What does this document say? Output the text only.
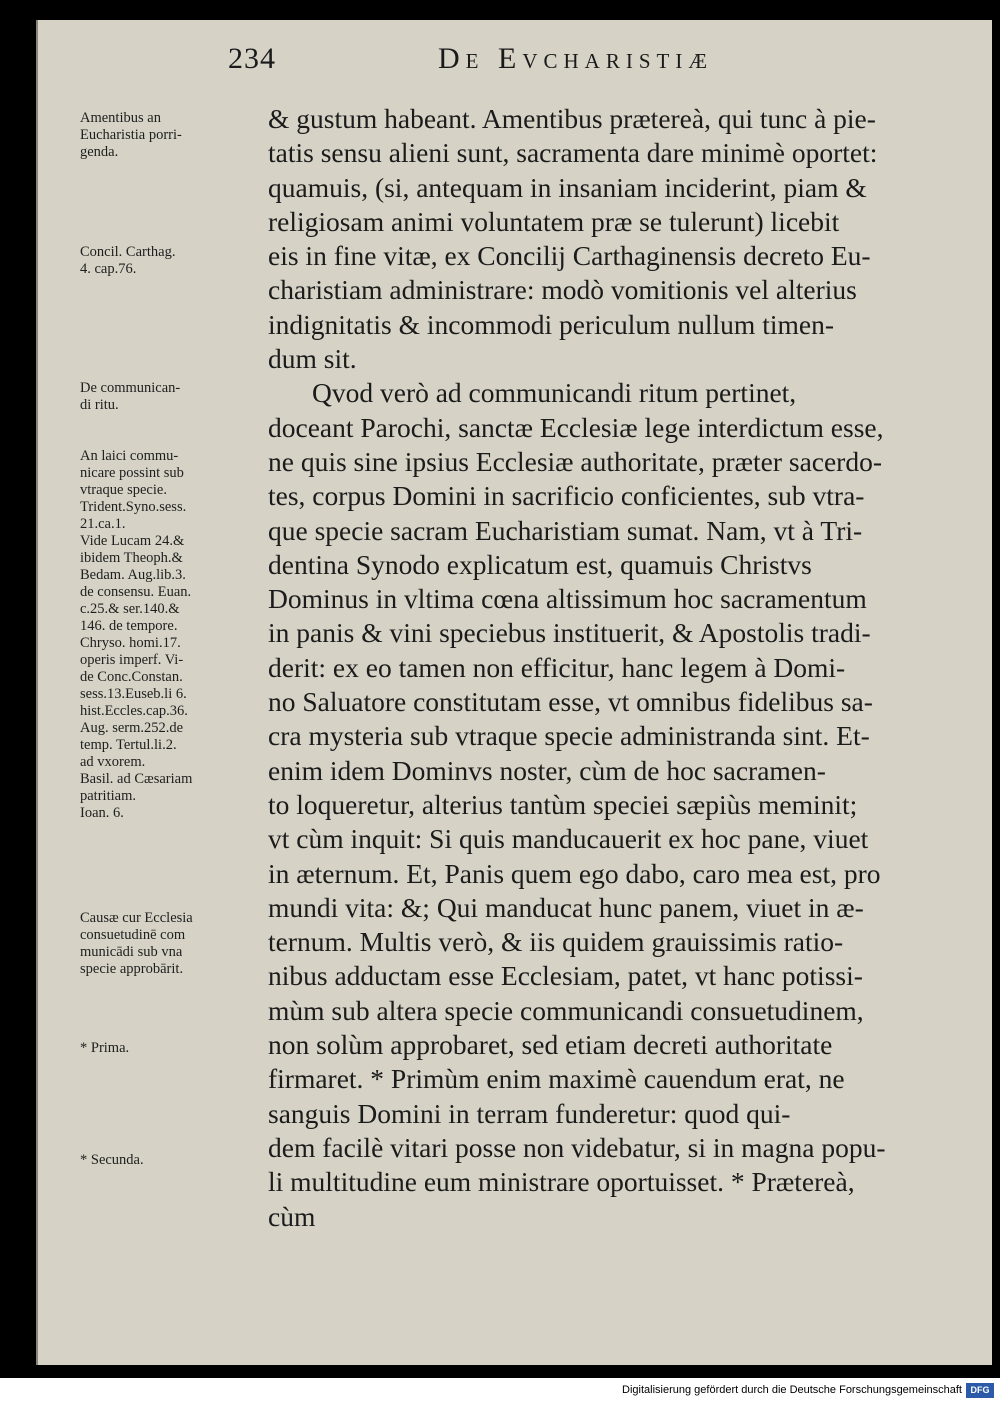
234	De Evcharistiæ
& gustum habeant. Amentibus prætereà, qui tunc à pie-
tatis sensu alieni sunt, sacramenta dare minimè oportet:
quamuis, (si, antequam in insaniam inciderint, piam &
religiosam animi voluntatem præ se tulerunt) licebit
eis in fine vitæ, ex Concilij Carthaginensis decreto Eu-
charistiam administrare: modò vomitionis vel alterius
indignitatis & incommodi periculum nullum timen-
dum sit.
Qvod verò ad communicandi ritum pertinet,
doceant Parochi, sanctæ Ecclesiæ lege interdictum esse,
ne quis sine ipsius Ecclesiæ authoritate, præter sacerdo-
tes, corpus Domini in sacrificio conficientes, sub vtra-
que specie sacram Eucharistiam sumat. Nam, vt à Tri-
dentina Synodo explicatum est, quamuis Christvs
Dominus in vltima cœna altissimum hoc sacramentum
in panis & vini speciebus instituerit, & Apostolis tradi-
derit: ex eo tamen non efficitur, hanc legem à Domi-
no Saluatore constitutam esse, vt omnibus fidelibus sa-
cra mysteria sub vtraque specie administranda sint. Et-
enim idem Dominvs noster, cùm de hoc sacramen-
to loqueretur, alterius tantùm speciei sæpiùs meminit;
vt cùm inquit: Si quis manducauerit ex hoc pane, viuet
in æternum. Et, Panis quem ego dabo, caro mea est, pro
mundi vita: &; Qui manducat hunc panem, viuet in æ-
ternum. Multis verò, & iis quidem grauissimis ratio-
nibus adductam esse Ecclesiam, patet, vt hanc potissi-
mùm sub altera specie communicandi consuetudinem,
non solùm approbaret, sed etiam decreti authoritate
firmaret. * Primùm enim maximè cauendum erat, ne
sanguis Domini in terram funderetur: quod qui-
dem facilè vitari posse non videbatur, si in magna popu-
li multitudine eum ministrare oportuisset. * Prætereà,
cùm
Amentibus an
Eucharistia porri-
genda.
Concil. Carthag.
4. cap.76.
De communican-
di ritu.
An laici commu-
nicare possint sub
vtraque specie.
Trident.Syno.sess.
21.ca.1.
Vide Lucam 24.&
ibidem Theoph.&
Bedam. Aug.lib.3.
de consensu. Euan.
c.25.& ser.140.&
146. de tempore.
Chryso. homi.17.
operis imperf. Vi-
de Conc.Constan.
sess.13.Euseb.li 6.
hist.Eccles.cap.36.
Aug. serm.252.de
temp. Tertul.li.2.
ad vxorem.
Basil. ad Cæsariam
patritiam.
Ioan. 6.
Causæ cur Ecclesia
consuetudinē com
municādi sub vna
specie approbārit.
* Prima.
* Secunda.
Digitalisierung gefördert durch die Deutsche Forschungsgemeinschaft DFG
